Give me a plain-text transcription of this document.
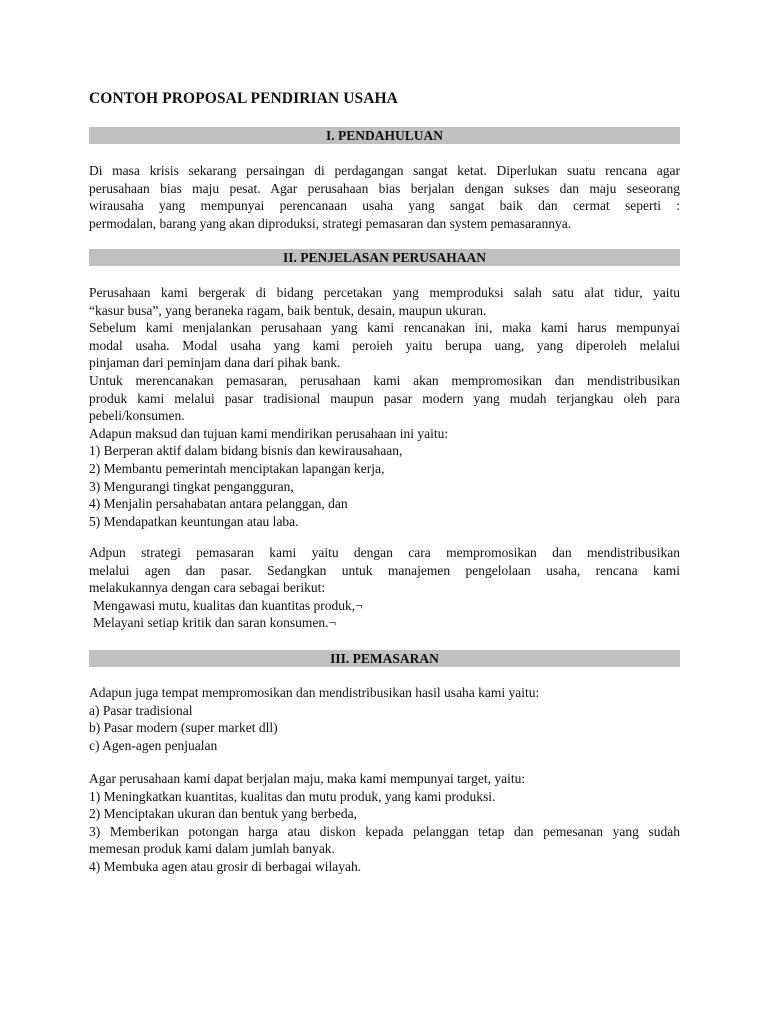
CONTOH PROPOSAL PENDIRIAN USAHA
I. PENDAHULUAN
Di masa krisis sekarang persaingan di perdagangan sangat ketat. Diperlukan suatu rencana agar
perusahaan bias maju pesat. Agar perusahaan bias berjalan dengan sukses dan maju seseorang
wirausaha yang mempunyai perencanaan usaha yang sangat baik dan cermat seperti :
permodalan, barang yang akan diproduksi, strategi pemasaran dan system pemasarannya.
II. PENJELASAN PERUSAHAAN
Perusahaan kami bergerak di bidang percetakan yang memproduksi salah satu alat tidur, yaitu
“kasur busa”, yang beraneka ragam, baik bentuk, desain, maupun ukuran.
Sebelum kami menjalankan perusahaan yang kami rencanakan ini, maka kami harus mempunyai
modal usaha. Modal usaha yang kami peroieh yaitu berupa uang, yang diperoleh melalui
pinjaman dari peminjam dana dari pihak bank.
Untuk merencanakan pemasaran, perusahaan kami akan mempromosikan dan mendistribusikan
produk kami melalui pasar tradisional maupun pasar modern yang mudah terjangkau oleh para
pebeli/konsumen.
Adapun maksud dan tujuan kami mendirikan perusahaan ini yaitu:
1) Berperan aktif dalam bidang bisnis dan kewirausahaan,
2) Membantu pemerintah menciptakan lapangan kerja,
3) Mengurangi tingkat pengangguran,
4) Menjalin persahabatan antara pelanggan, dan
5) Mendapatkan keuntungan atau laba.
Adpun strategi pemasaran kami yaitu dengan cara mempromosikan dan mendistribusikan
melalui agen dan pasar. Sedangkan untuk manajemen pengelolaan usaha, rencana kami
melakukannya dengan cara sebagai berikut:
Mengawasi mutu, kualitas dan kuantitas produk,¬
Melayani setiap kritik dan saran konsumen.¬
III. PEMASARAN
Adapun juga tempat mempromosikan dan mendistribusikan hasil usaha kami yaitu:
a) Pasar tradisional
b) Pasar modern (super market dll)
c) Agen-agen penjualan
Agar perusahaan kami dapat berjalan maju, maka kami mempunyai target, yaitu:
1) Meningkatkan kuantitas, kualitas dan mutu produk, yang kami produksi.
2) Menciptakan ukuran dan bentuk yang berbeda,
3) Memberikan potongan harga atau diskon kepada pelanggan tetap dan pemesanan yang sudah
memesan produk kami dalam jumlah banyak.
4) Membuka agen atau grosir di berbagai wilayah.
